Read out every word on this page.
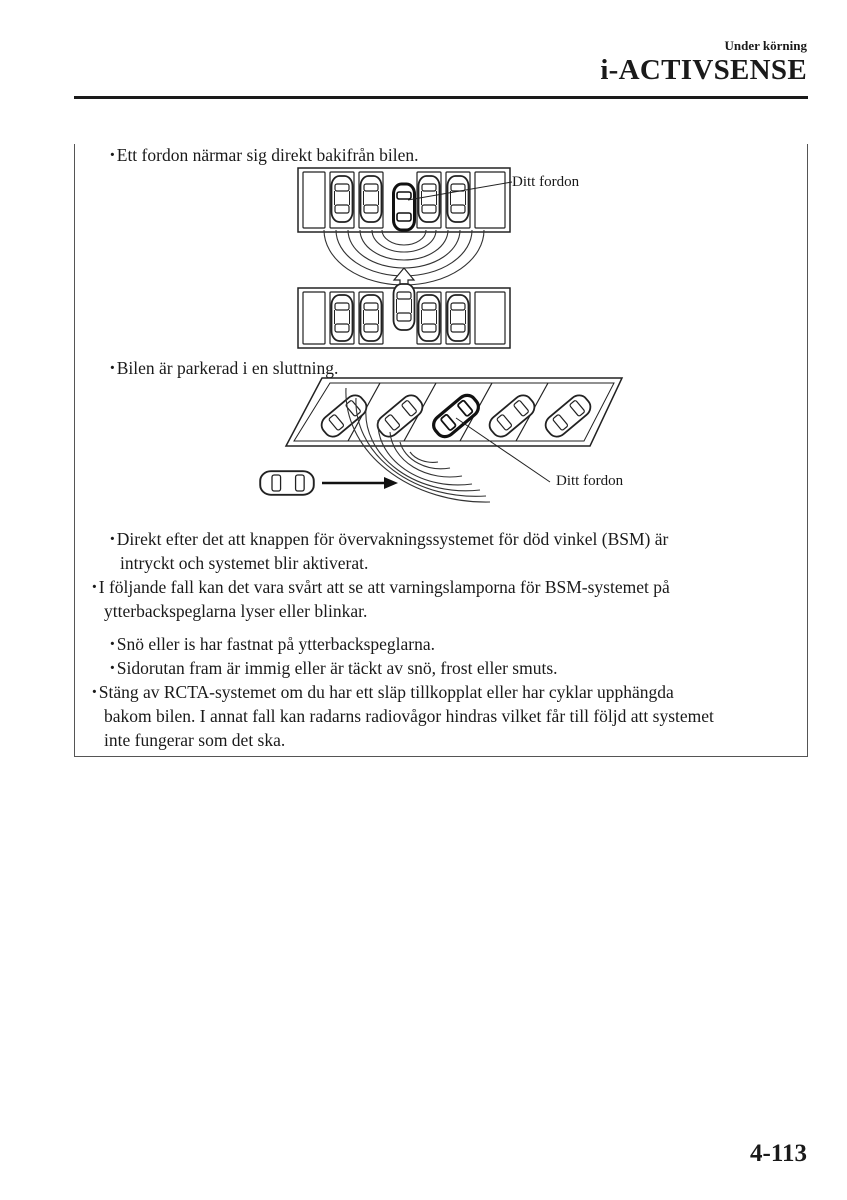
Under körning
i-ACTIVSENSE
･Ett fordon närmar sig direkt bakifrån bilen.
Ditt fordon
･Bilen är parkerad i en sluttning.
Ditt fordon
･Direkt efter det att knappen för övervakningssystemet för död vinkel (BSM) är
intryckt och systemet blir aktiverat.
･I följande fall kan det vara svårt att se att varningslamporna för BSM-systemet på
ytterbackspeglarna lyser eller blinkar.
･Snö eller is har fastnat på ytterbackspeglarna.
･Sidorutan fram är immig eller är täckt av snö, frost eller smuts.
･Stäng av RCTA-systemet om du har ett släp tillkopplat eller har cyklar upphängda
bakom bilen. I annat fall kan radarns radiovågor hindras vilket får till följd att systemet
inte fungerar som det ska.
4-113
